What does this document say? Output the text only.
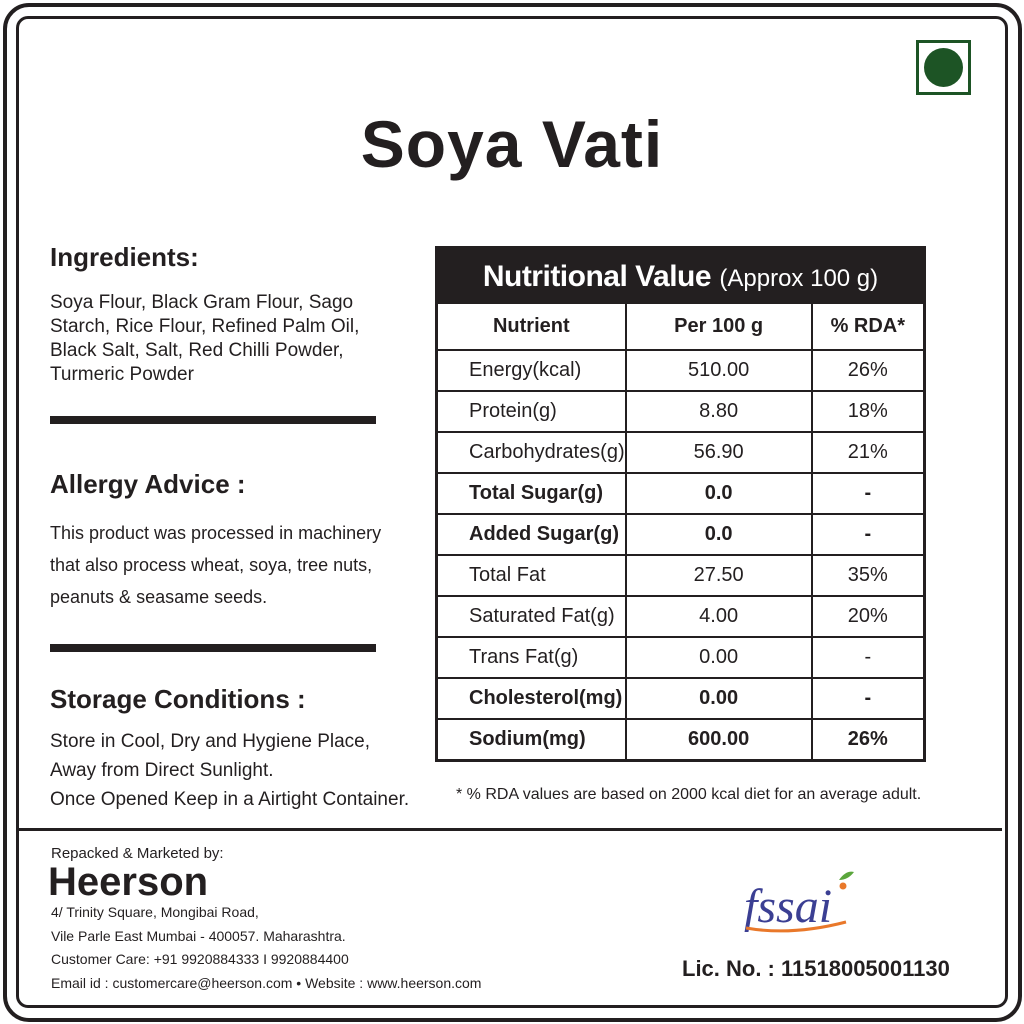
Soya Vati
Ingredients:
Soya Flour, Black Gram Flour, Sago
Starch, Rice Flour, Refined Palm Oil,
Black Salt, Salt, Red Chilli Powder,
Turmeric Powder
Allergy Advice :
This product was processed in machinery
that also process wheat, soya, tree nuts,
peanuts & seasame seeds.
Storage Conditions :
Store in Cool, Dry and Hygiene Place,
Away from Direct Sunlight.
Once Opened Keep in a Airtight Container.
Nutritional Value (Approx 100 g)
Nutrient	Per 100 g	% RDA*
Energy(kcal)	510.00	26%
Protein(g)	8.80	18%
Carbohydrates(g)	56.90	21%
Total Sugar(g)	0.0	-
Added Sugar(g)	0.0	-
Total Fat	27.50	35%
Saturated Fat(g)	4.00	20%
Trans Fat(g)	0.00	-
Cholesterol(mg)	0.00	-
Sodium(mg)	600.00	26%
* % RDA values are based on 2000 kcal diet for an average adult.
Repacked & Marketed by:
Heerson
4/ Trinity Square, Mongibai Road,
Vile Parle East Mumbai - 400057. Maharashtra.
Customer Care: +91 9920884333 I 9920884400
Email id : customercare@heerson.com • Website : www.heerson.com
fssai
Lic. No. : 11518005001130
